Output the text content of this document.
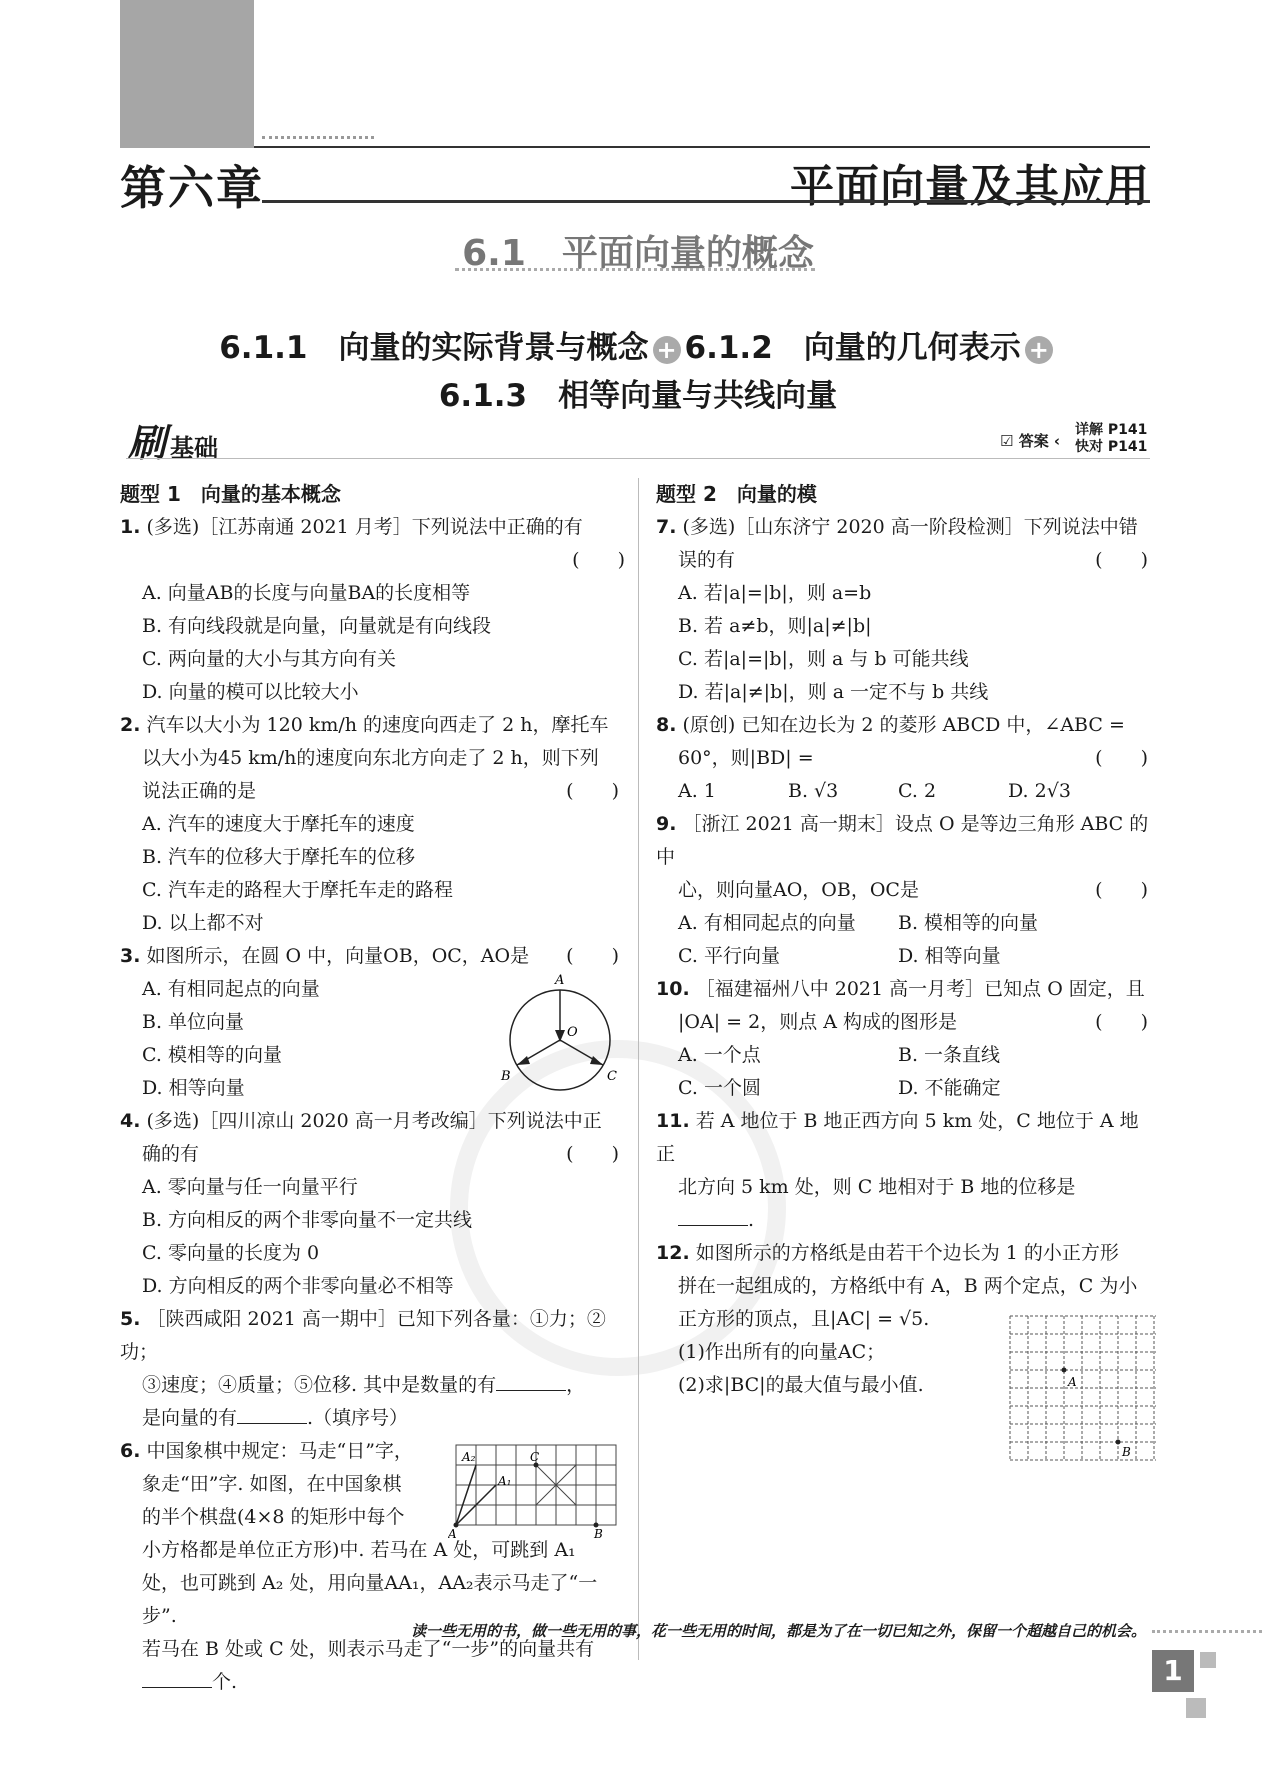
第六章	平面向量及其应用
6.1　平面向量的概念
6.1.1　向量的实际背景与概念 + 6.1.2　向量的几何表示 +
6.1.3　相等向量与共线向量
刷 基础	☑ 答案 ‹
详解 P141
快对 P141
题型 1　向量的基本概念
1. (多选)［江苏南通 2021 月考］下列说法中正确的有
(　　)
A. 向量AB的长度与向量BA的长度相等
B. 有向线段就是向量，向量就是有向线段
C. 两向量的大小与其方向有关
D. 向量的模可以比较大小
2. 汽车以大小为 120 km/h 的速度向西走了 2 h，摩托车
以大小为45 km/h的速度向东北方向走了 2 h，则下列
说法正确的是	(　　)
A. 汽车的速度大于摩托车的速度
B. 汽车的位移大于摩托车的位移
C. 汽车走的路程大于摩托车走的路程
D. 以上都不对
3. 如图所示，在圆 O 中，向量OB，OC，AO是 (　　)
A. 有相同起点的向量
B. 单位向量
C. 模相等的向量
D. 相等向量
A
O
B	C
4. (多选)［四川凉山 2020 高一月考改编］下列说法中正
确的有	(　　)
A. 零向量与任一向量平行
B. 方向相反的两个非零向量不一定共线
C. 零向量的长度为 0
D. 方向相反的两个非零向量必不相等
5. ［陕西咸阳 2021 高一期中］已知下列各量：①力；②功；
③速度；④质量；⑤位移. 其中是数量的有	，
是向量的有	.（填序号）
6. 中国象棋中规定：马走“日”字，
象走“田”字. 如图，在中国象棋
的半个棋盘(4×8 的矩形中每个
小方格都是单位正方形)中. 若马在 A 处，可跳到 A₁
处，也可跳到 A₂ 处，用向量AA₁，AA₂表示马走了“一步”.
若马在 B 处或 C 处，则表示马走了“一步”的向量共有
个.
A
A₁
A₂	C
B
题型 2　向量的模
7. (多选)［山东济宁 2020 高一阶段检测］下列说法中错
误的有	(　　)
A. 若|a|=|b|，则 a=b
B. 若 a≠b，则|a|≠|b|
C. 若|a|=|b|，则 a 与 b 可能共线
D. 若|a|≠|b|，则 a 一定不与 b 共线
8. (原创) 已知在边长为 2 的菱形 ABCD 中，∠ABC =
60°，则|BD| =	(　　)
A. 1	B. √3	C. 2	D. 2√3
9. ［浙江 2021 高一期末］设点 O 是等边三角形 ABC 的中
心，则向量AO，OB，OC是	(　　)
A. 有相同起点的向量 B. 模相等的向量
C. 平行向量	D. 相等向量
10. ［福建福州八中 2021 高一月考］已知点 O 固定，且
|OA| = 2，则点 A 构成的图形是	(　　)
A. 一个点	B. 一条直线
C. 一个圆	D. 不能确定
11. 若 A 地位于 B 地正西方向 5 km 处，C 地位于 A 地正
北方向 5 km 处，则 C 地相对于 B 地的位移是
.
12. 如图所示的方格纸是由若干个边长为 1 的小正方形
拼在一起组成的，方格纸中有 A，B 两个定点，C 为小
正方形的顶点，且|AC| = √5.
(1)作出所有的向量AC；
(2)求|BC|的最大值与最小值.	A
B
读一些无用的书，做一些无用的事，花一些无用的时间，都是为了在一切已知之外，保留一个超越自己的机会。
1
